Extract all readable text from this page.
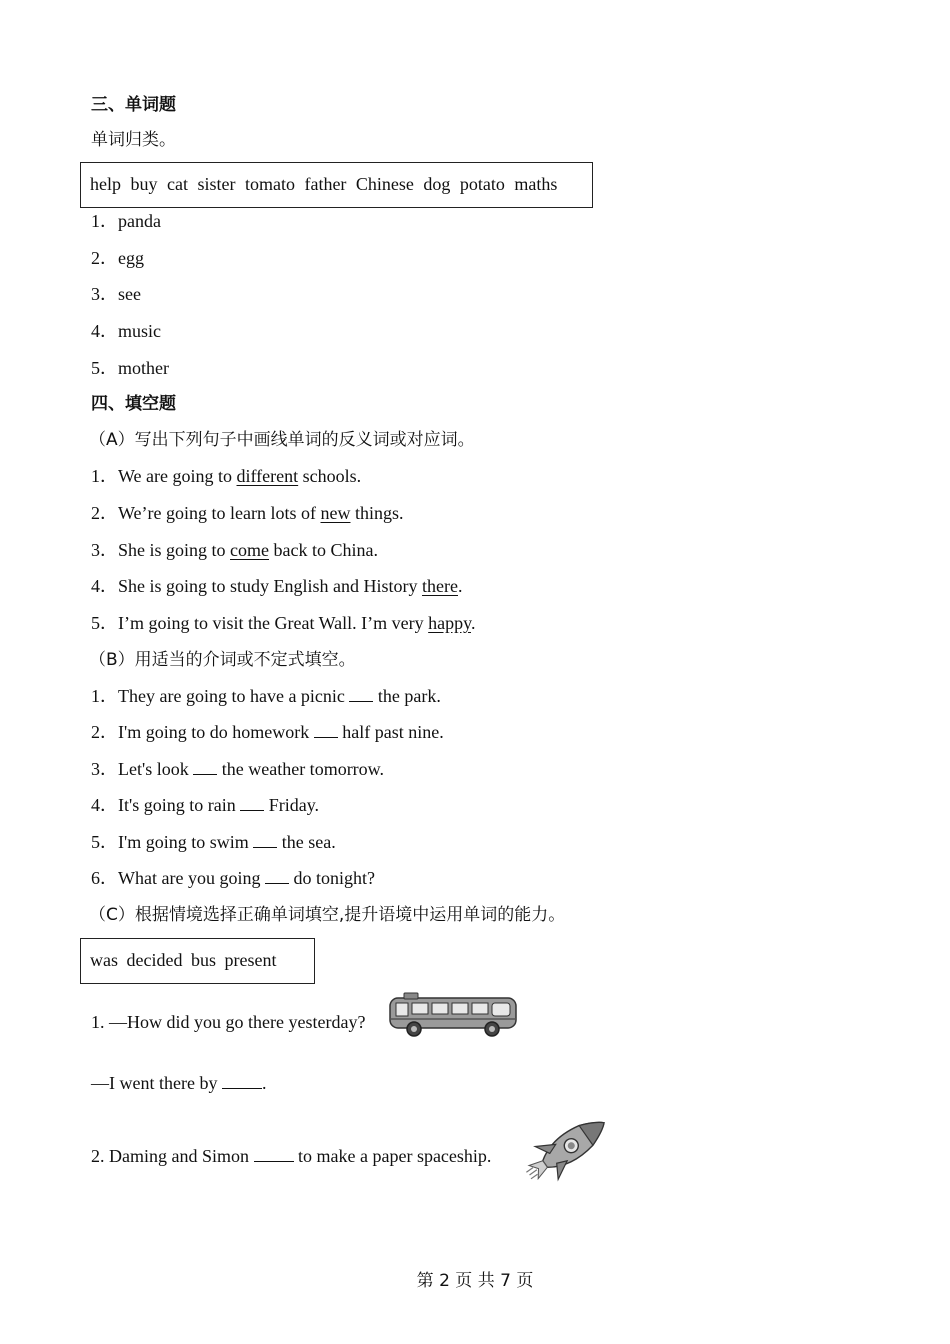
三、单词题
单词归类。
help buy cat sister tomato father Chinese dog potato maths
1．panda
2．egg
3．see
4．music
5．mother
四、填空题
（A）写出下列句子中画线单词的反义词或对应词。
1．We are going to different schools.
2．We’re going to learn lots of new things.
3．She is going to come back to China.
4．She is going to study English and History there.
5．I’m going to visit the Great Wall. I’m very happy.
（B）用适当的介词或不定式填空。
1．They are going to have a picnic  the park.
2．I'm going to do homework  half past nine.
3．Let's look  the weather tomorrow.
4．It's going to rain  Friday.
5．I'm going to swim  the sea.
6．What are you going  do tonight?
（C）根据情境选择正确单词填空,提升语境中运用单词的能力。
was decided bus present
1. —How did you go there yesterday?
—I went there by .
2. Daming and Simon  to make a paper spaceship.
第 2 页 共 7 页
